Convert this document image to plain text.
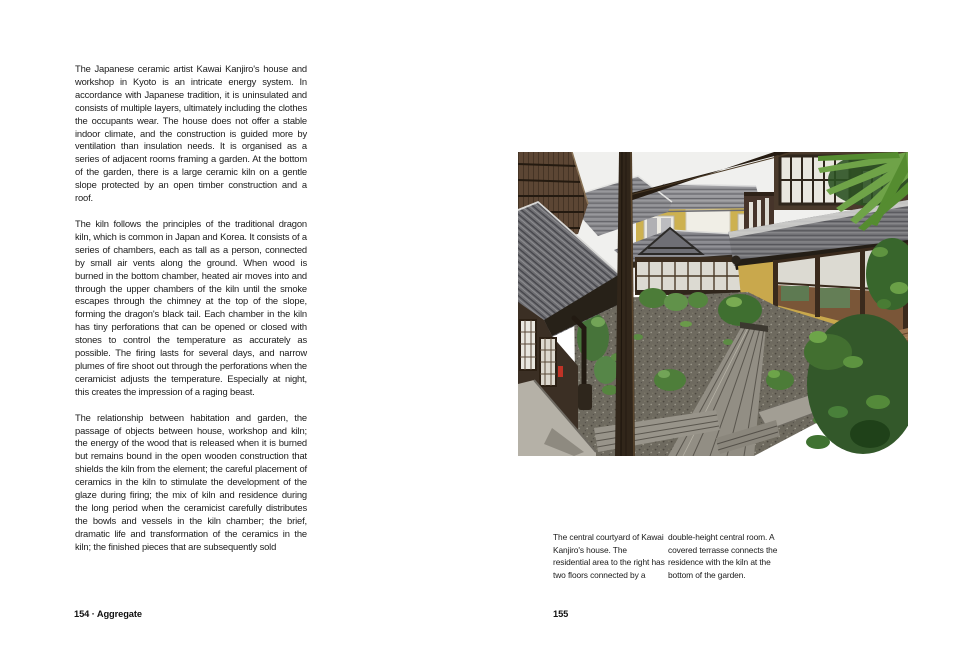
The Japanese ceramic artist Kawai Kanjiro's house and workshop in Kyoto is an intricate energy system. In accordance with Japanese tradition, it is uninsulated and consists of multiple layers, ultimately including the clothes the occupants wear. The house does not offer a stable indoor climate, and the construction is guided more by ventilation than insulation needs. It is organised as a series of adjacent rooms framing a garden. At the bottom of the garden, there is a large ceramic kiln on a gentle slope protected by an open timber construction and a roof.

The kiln follows the principles of the traditional dragon kiln, which is common in Japan and Korea. It consists of a series of chambers, each as tall as a person, connected by small air vents along the ground. When wood is burned in the bottom chamber, heated air moves into and through the upper chambers of the kiln until the smoke escapes through the chimney at the top of the slope, forming the dragon's black tail. Each chamber in the kiln has tiny perforations that can be opened or closed with stones to control the temperature as accurately as possible. The firing lasts for several days, and narrow plumes of fire shoot out through the perforations when the ceramicist adjusts the temperature. Especially at night, this creates the impression of a raging beast.

The relationship between habitation and garden, the passage of objects between house, workshop and kiln; the energy of the wood that is released when it is burned but remains bound in the open wooden construction that shields the kiln from the element; the careful placement of ceramics in the kiln to stimulate the development of the glaze during firing; the mix of kiln and residence during the long period when the ceramicist carefully distributes the bowls and vessels in the kiln chamber; the brief, dramatic life and transformation of the ceramics in the kiln; the finished pieces that are subsequently sold

154 · Aggregate
The central courtyard of Kawai Kanjiro's house. The residential area to the right has two floors connected by a
double-height central room. A covered terrasse connects the residence with the kiln at the bottom of the garden.
155
